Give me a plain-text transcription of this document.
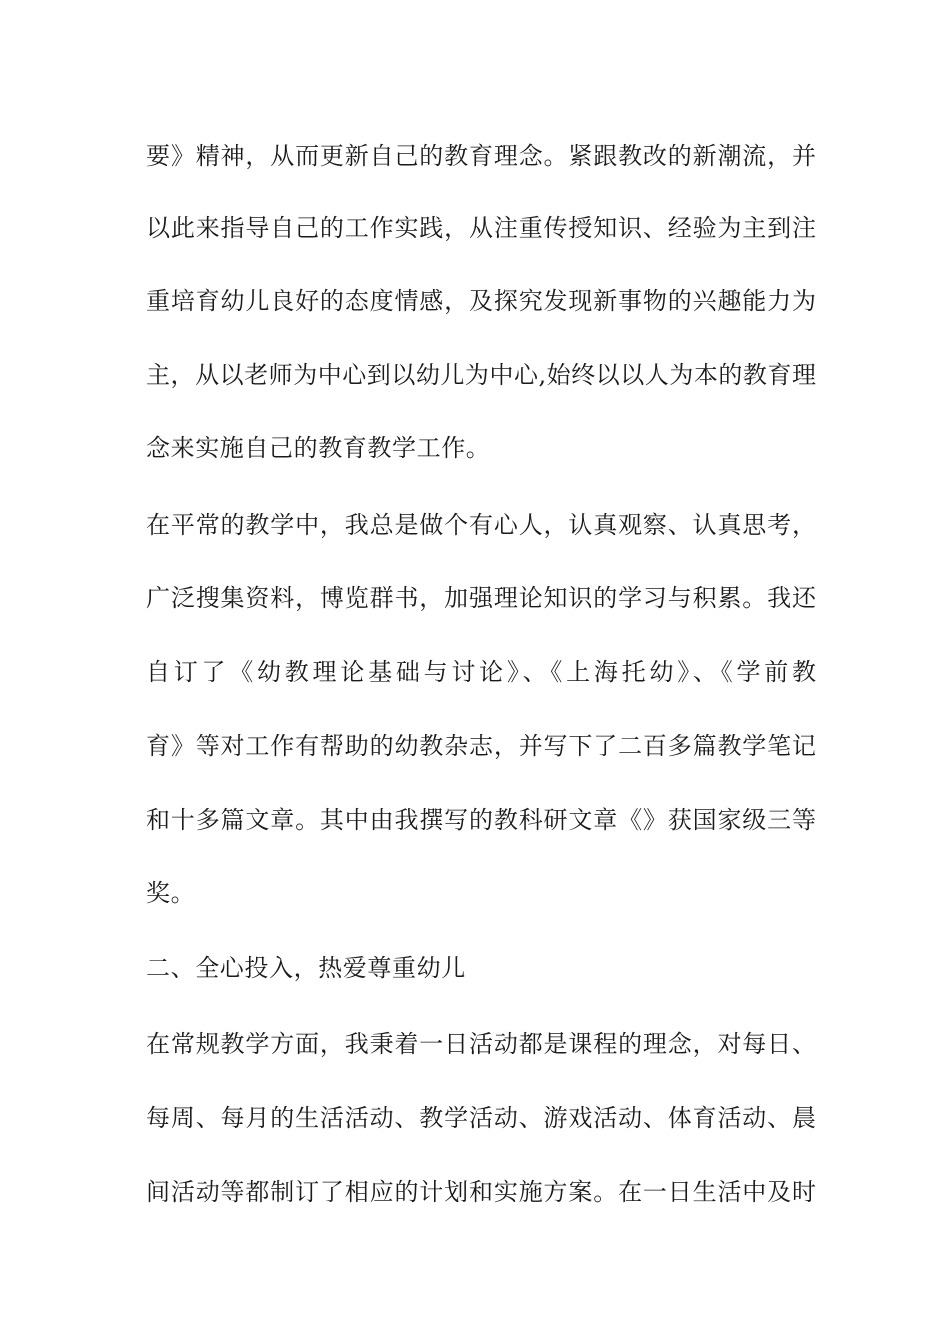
要》精神，从而更新自己的教育理念。紧跟教改的新潮流，并
以此来指导自己的工作实践，从注重传授知识、经验为主到注
重培育幼儿良好的态度情感，及探究发现新事物的兴趣能力为
主，从以老师为中心到以幼儿为中心,始终以以人为本的教育理
念来实施自己的教育教学工作。
在平常的教学中，我总是做个有心人，认真观察、认真思考，
广泛搜集资料，博览群书，加强理论知识的学习与积累。我还
自订了《幼教理论基础与讨论》、《上海托幼》、《学前教
育》等对工作有帮助的幼教杂志，并写下了二百多篇教学笔记
和十多篇文章。其中由我撰写的教科研文章《》获国家级三等
奖。
二、全心投入，热爱尊重幼儿
在常规教学方面，我秉着一日活动都是课程的理念，对每日、
每周、每月的生活活动、教学活动、游戏活动、体育活动、晨
间活动等都制订了相应的计划和实施方案。在一日生活中及时
